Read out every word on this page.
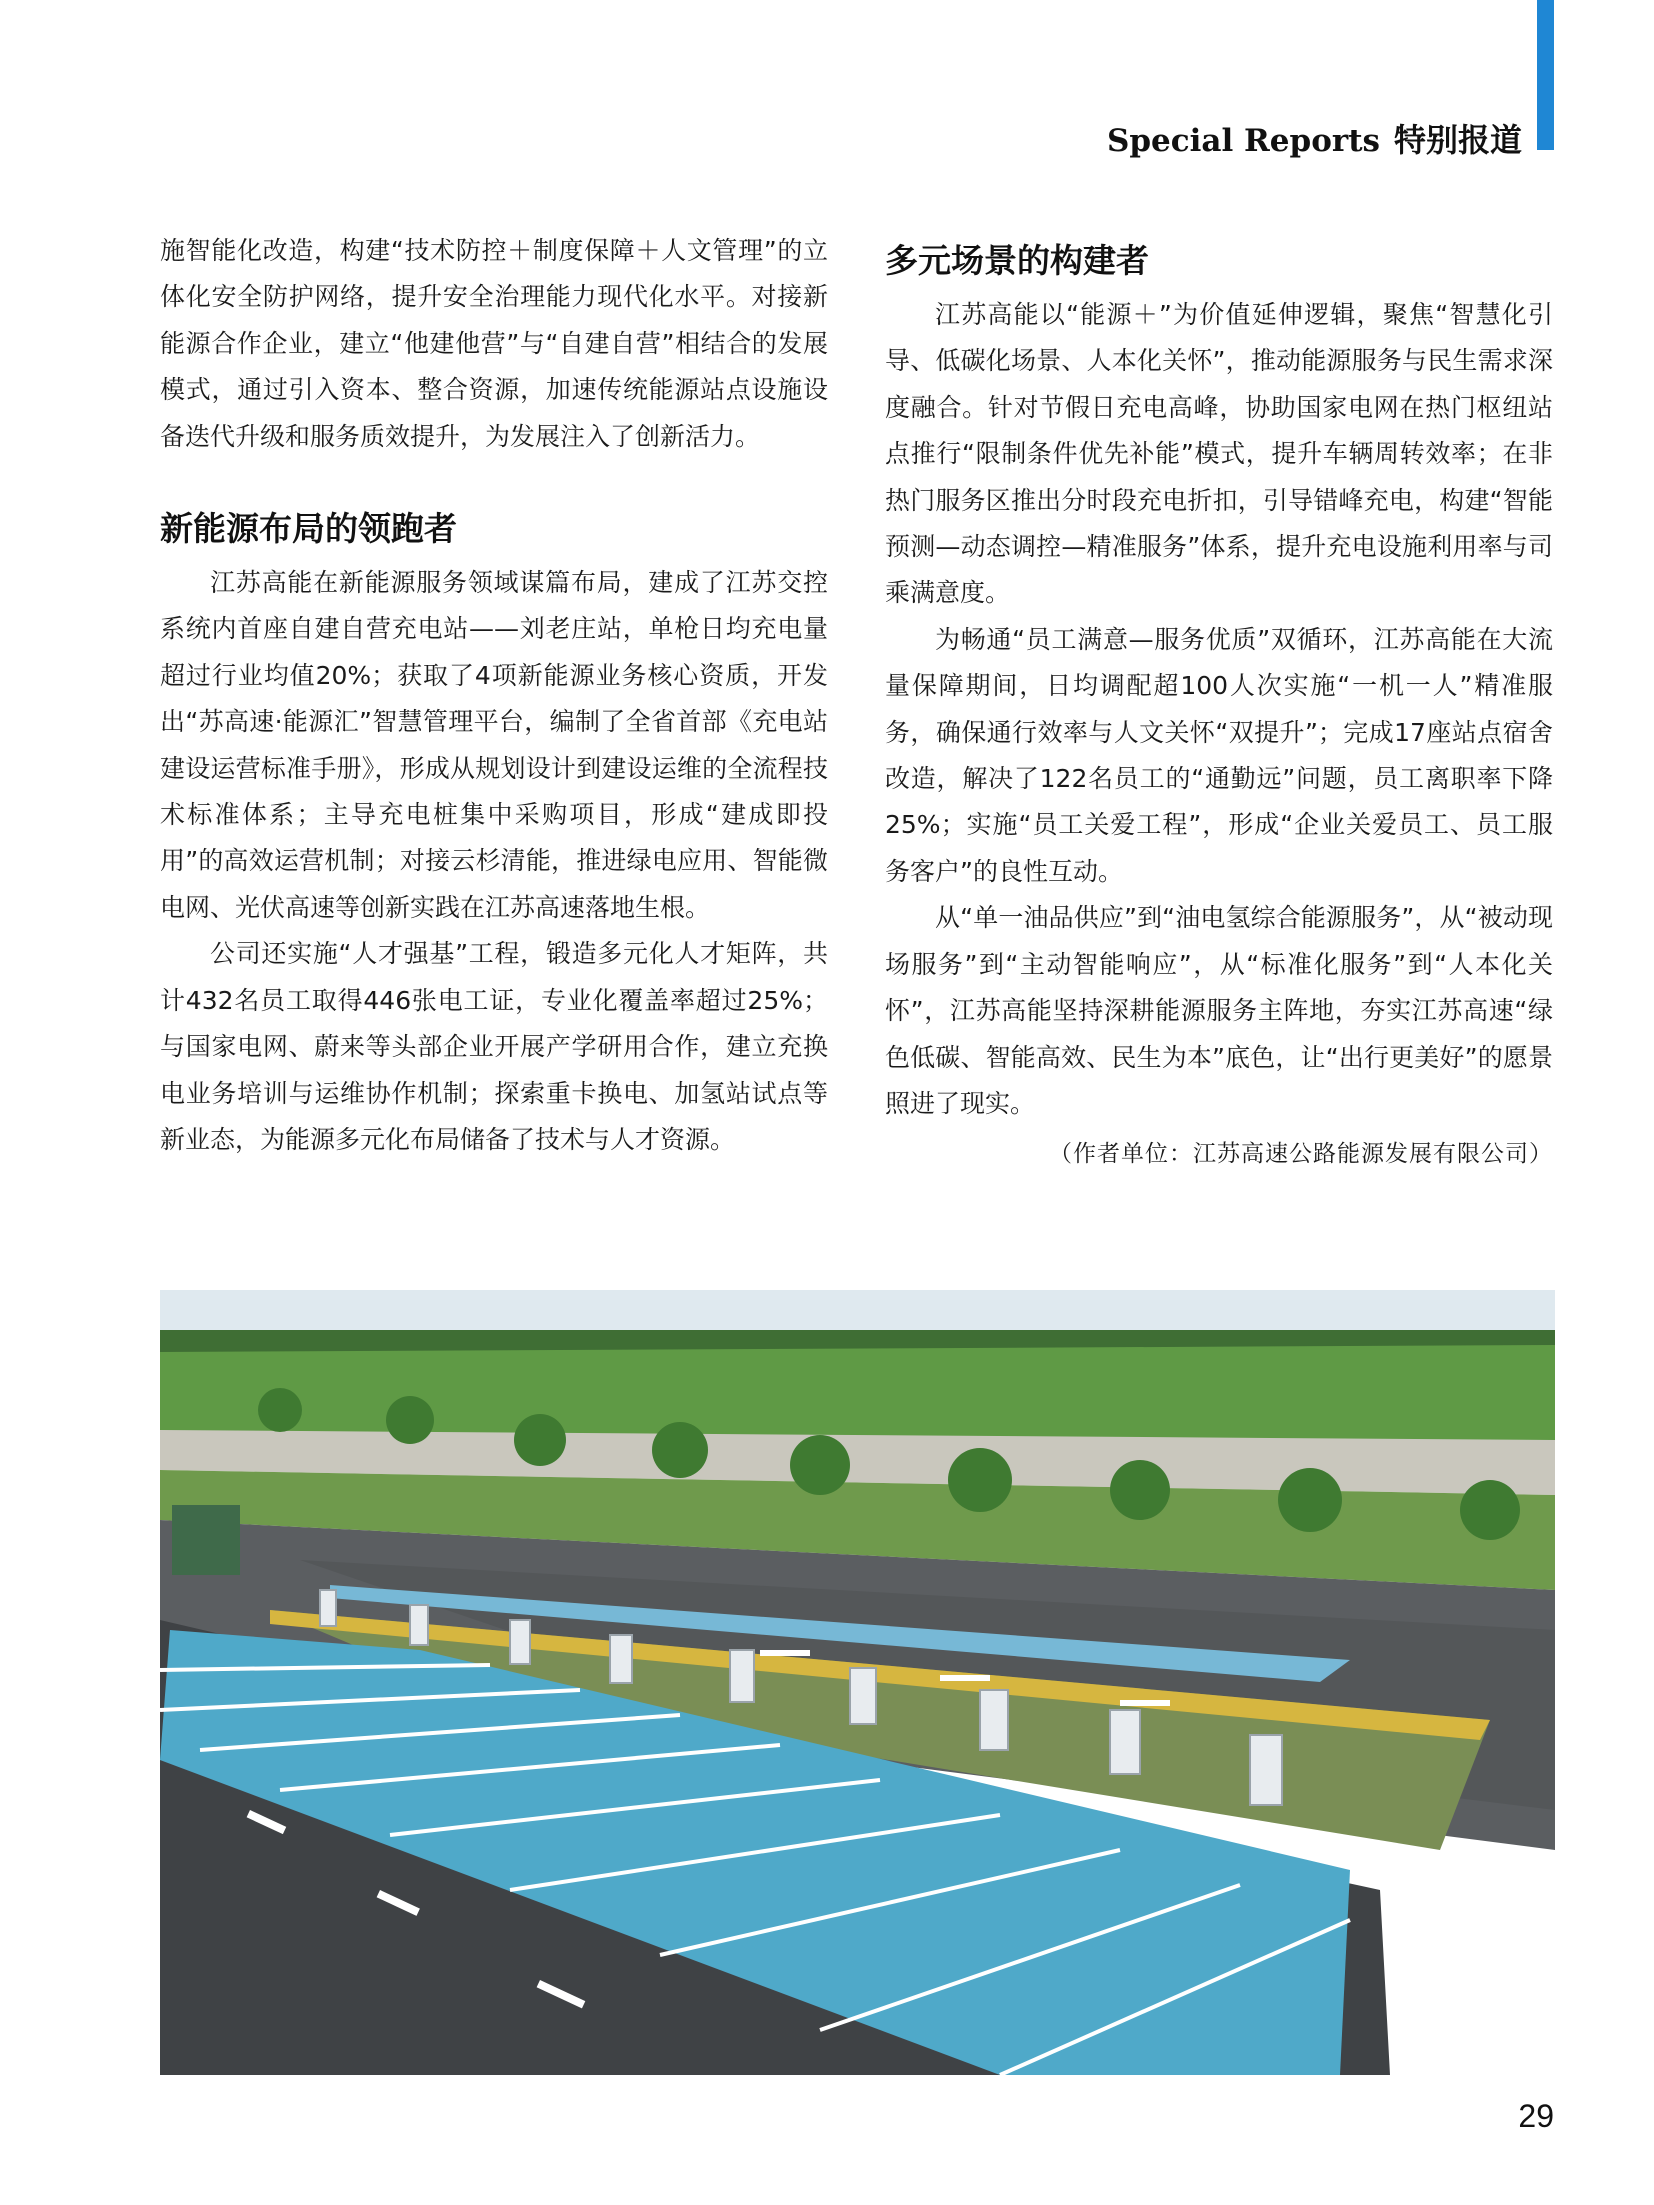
Special Reports 特别报道

施智能化改造，构建“技术防控＋制度保障＋人文管理”的立体化安全防护网络，提升安全治理能力现代化水平。对接新能源合作企业，建立“他建他营”与“自建自营”相结合的发展模式，通过引入资本、整合资源，加速传统能源站点设施设备迭代升级和服务质效提升，为发展注入了创新活力。

新能源布局的领跑者

江苏高能在新能源服务领域谋篇布局，建成了江苏交控系统内首座自建自营充电站——刘老庄站，单枪日均充电量超过行业均值20%；获取了4项新能源业务核心资质，开发出“苏高速·能源汇”智慧管理平台，编制了全省首部《充电站建设运营标准手册》，形成从规划设计到建设运维的全流程技术标准体系；主导充电桩集中采购项目，形成“建成即投用”的高效运营机制；对接云杉清能，推进绿电应用、智能微电网、光伏高速等创新实践在江苏高速落地生根。

公司还实施“人才强基”工程，锻造多元化人才矩阵，共计432名员工取得446张电工证，专业化覆盖率超过25%；与国家电网、蔚来等头部企业开展产学研用合作，建立充换电业务培训与运维协作机制；探索重卡换电、加氢站试点等新业态，为能源多元化布局储备了技术与人才资源。

多元场景的构建者

江苏高能以“能源＋”为价值延伸逻辑，聚焦“智慧化引导、低碳化场景、人本化关怀”，推动能源服务与民生需求深度融合。针对节假日充电高峰，协助国家电网在热门枢纽站点推行“限制条件优先补能”模式，提升车辆周转效率；在非热门服务区推出分时段充电折扣，引导错峰充电，构建“智能预测—动态调控—精准服务”体系，提升充电设施利用率与司乘满意度。

为畅通“员工满意—服务优质”双循环，江苏高能在大流量保障期间，日均调配超100人次实施“一机一人”精准服务，确保通行效率与人文关怀“双提升”；完成17座站点宿舍改造，解决了122名员工的“通勤远”问题，员工离职率下降25%；实施“员工关爱工程”，形成“企业关爱员工、员工服务客户”的良性互动。

从“单一油品供应”到“油电氢综合能源服务”，从“被动现场服务”到“主动智能响应”，从“标准化服务”到“人本化关怀”，江苏高能坚持深耕能源服务主阵地，夯实江苏高速“绿色低碳、智能高效、民生为本”底色，让“出行更美好”的愿景照进了现实。

（作者单位：江苏高速公路能源发展有限公司）

29
